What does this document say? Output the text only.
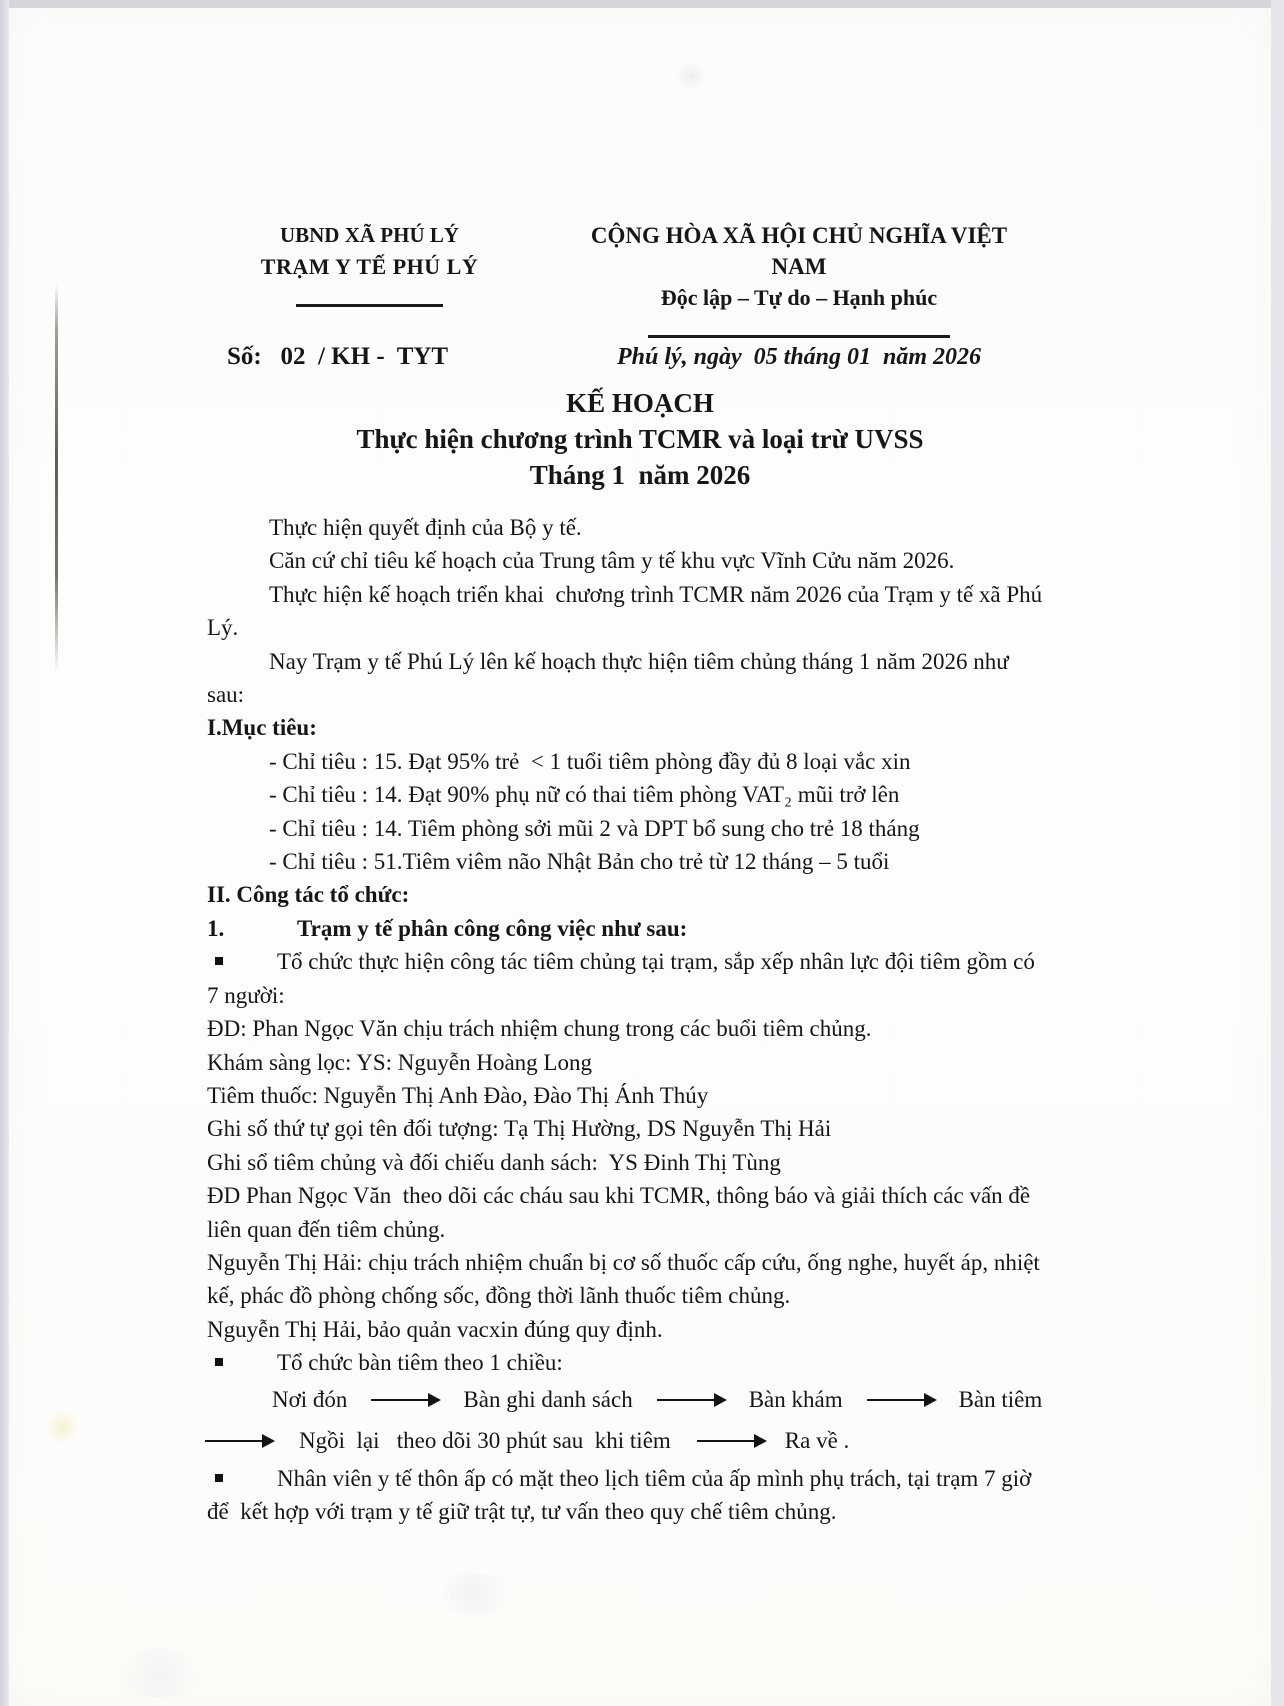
UBND XÃ PHÚ LÝ
TRẠM Y TẾ PHÚ LÝ
Số:   02  / KH -  TYT
CỘNG HÒA XÃ HỘI CHỦ NGHĨA VIỆT NAM
Độc lập – Tự do – Hạnh phúc
Phú lý, ngày  05 tháng 01  năm 2026
KẾ HOẠCH
Thực hiện chương trình TCMR và loại trừ UVSS
Tháng 1  năm 2026

Thực hiện quyết định của Bộ y tế.

Căn cứ chỉ tiêu kế hoạch của Trung tâm y tế khu vực Vĩnh Cửu năm 2026.

Thực hiện kế hoạch triển khai  chương trình TCMR năm 2026 của Trạm y tế xã Phú Lý.

Nay Trạm y tế Phú Lý lên kế hoạch thực hiện tiêm chủng tháng 1 năm 2026 như sau:

I.Mục tiêu:

- Chỉ tiêu : 15. Đạt 95% trẻ  < 1 tuổi tiêm phòng đầy đủ 8 loại vắc xin

- Chỉ tiêu : 14. Đạt 90% phụ nữ có thai tiêm phòng VAT₂ mũi trở lên

- Chỉ tiêu : 14. Tiêm phòng sởi mũi 2 và DPT bổ sung cho trẻ 18 tháng

- Chỉ tiêu : 51.Tiêm viêm não Nhật Bản cho trẻ từ 12 tháng – 5 tuổi

II. Công tác tổ chức:

1.	Trạm y tế phân công công việc như sau:

Tổ chức thực hiện công tác tiêm chủng tại trạm, sắp xếp nhân lực đội tiêm gồm có 7 người:

ĐD: Phan Ngọc Văn chịu trách nhiệm chung trong các buổi tiêm chủng.

Khám sàng lọc: YS: Nguyễn Hoàng Long

Tiêm thuốc: Nguyễn Thị Anh Đào, Đào Thị Ánh Thúy

Ghi số thứ tự gọi tên đối tượng: Tạ Thị Hường, DS Nguyễn Thị Hải

Ghi sổ tiêm chủng và đối chiếu danh sách:  YS Đinh Thị Tùng

ĐD Phan Ngọc Văn  theo dõi các cháu sau khi TCMR, thông báo và giải thích các vấn đề liên quan đến tiêm chủng.

Nguyễn Thị Hải: chịu trách nhiệm chuẩn bị cơ số thuốc cấp cứu, ống nghe, huyết áp, nhiệt kế, phác đồ phòng chống sốc, đồng thời lãnh thuốc tiêm chủng.

Nguyễn Thị Hải, bảo quản vacxin đúng quy định.

Tổ chức bàn tiêm theo 1 chiều:

Nơi đón	Bàn ghi danh sách	Bàn khám	Bàn tiêm
Ngồi  lại   theo dõi 30 phút sau  khi tiêm	Ra về .

Nhân viên y tế thôn ấp có mặt theo lịch tiêm của ấp mình phụ trách, tại trạm 7 giờ để  kết hợp với trạm y tế giữ trật tự, tư vấn theo quy chế tiêm chủng.
